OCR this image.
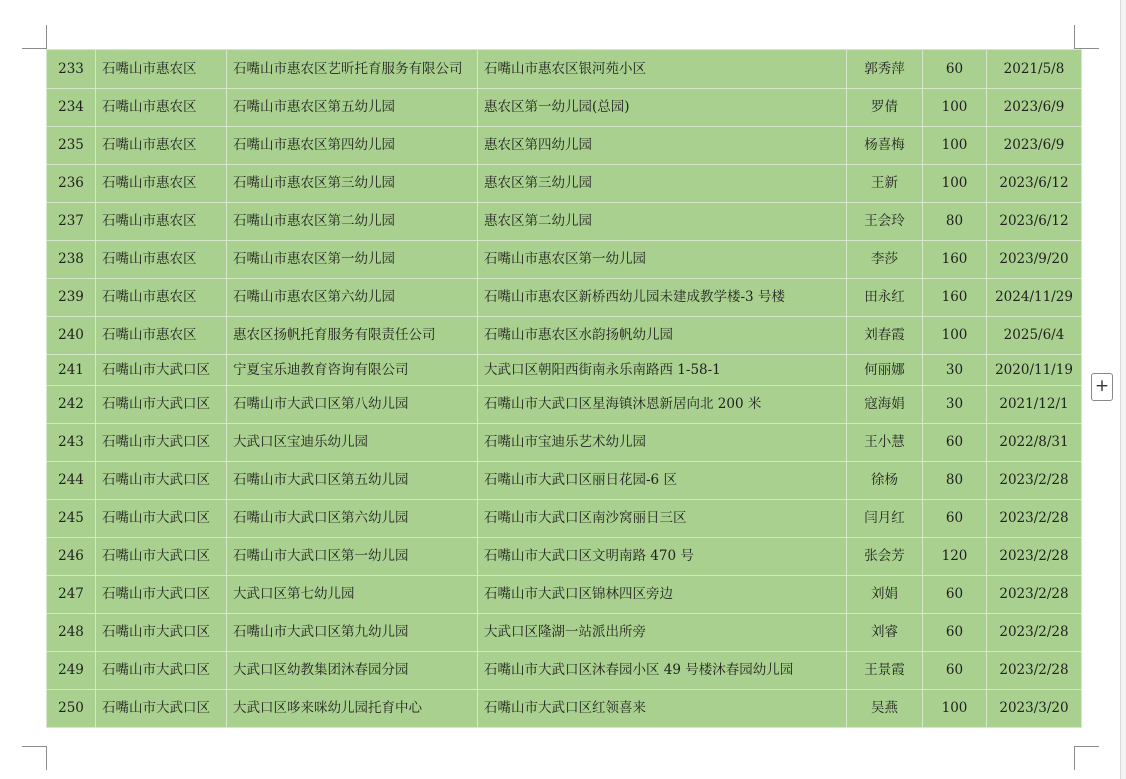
233	石嘴山市惠农区	石嘴山市惠农区艺昕托育服务有限公司	石嘴山市惠农区银河苑小区	郭秀萍	60	2021/5/8
234	石嘴山市惠农区	石嘴山市惠农区第五幼儿园	惠农区第一幼儿园(总园)	罗倩	100	2023/6/9
235	石嘴山市惠农区	石嘴山市惠农区第四幼儿园	惠农区第四幼儿园	杨喜梅	100	2023/6/9
236	石嘴山市惠农区	石嘴山市惠农区第三幼儿园	惠农区第三幼儿园	王新	100	2023/6/12
237	石嘴山市惠农区	石嘴山市惠农区第二幼儿园	惠农区第二幼儿园	王会玲	80	2023/6/12
238	石嘴山市惠农区	石嘴山市惠农区第一幼儿园	石嘴山市惠农区第一幼儿园	李莎	160	2023/9/20
239	石嘴山市惠农区	石嘴山市惠农区第六幼儿园	石嘴山市惠农区新桥西幼儿园未建成教学楼-3 号楼	田永红	160	2024/11/29
240	石嘴山市惠农区	惠农区扬帆托育服务有限责任公司	石嘴山市惠农区水韵扬帆幼儿园	刘春霞	100	2025/6/4
241	石嘴山市大武口区	宁夏宝乐迪教育咨询有限公司	大武口区朝阳西街南永乐南路西 1-58-1	何丽娜	30	2020/11/19
242	石嘴山市大武口区	石嘴山市大武口区第八幼儿园	石嘴山市大武口区星海镇沐恩新居向北 200 米	寇海娟	30	2021/12/1
243	石嘴山市大武口区	大武口区宝迪乐幼儿园	石嘴山市宝迪乐艺术幼儿园	王小慧	60	2022/8/31
244	石嘴山市大武口区	石嘴山市大武口区第五幼儿园	石嘴山市大武口区丽日花园-6 区	徐杨	80	2023/2/28
245	石嘴山市大武口区	石嘴山市大武口区第六幼儿园	石嘴山市大武口区南沙窝丽日三区	闫月红	60	2023/2/28
246	石嘴山市大武口区	石嘴山市大武口区第一幼儿园	石嘴山市大武口区文明南路 470 号	张会芳	120	2023/2/28
247	石嘴山市大武口区	大武口区第七幼儿园	石嘴山市大武口区锦林四区旁边	刘娟	60	2023/2/28
248	石嘴山市大武口区	石嘴山市大武口区第九幼儿园	大武口区隆湖一站派出所旁	刘睿	60	2023/2/28
249	石嘴山市大武口区	大武口区幼教集团沐春园分园	石嘴山市大武口区沐春园小区 49 号楼沐春园幼儿园	王景霞	60	2023/2/28
250	石嘴山市大武口区	大武口区哆来咪幼儿园托育中心	石嘴山市大武口区红领喜来	吴燕	100	2023/3/20
+
